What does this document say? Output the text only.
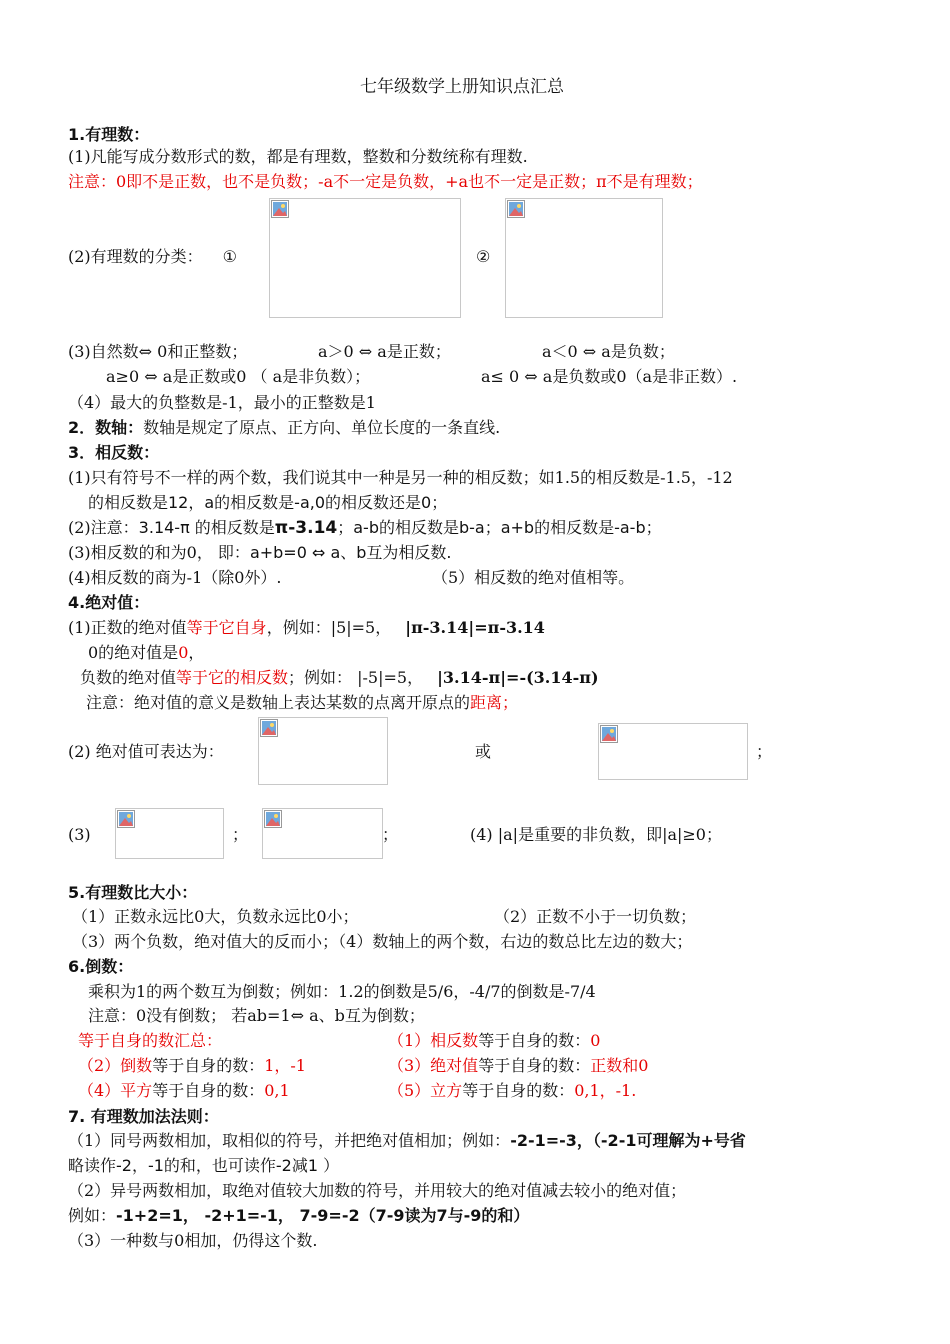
七年级数学上册知识点汇总
1.有理数：
(1)凡能写成分数形式的数，都是有理数，整数和分数统称有理数.
注意：0即不是正数，也不是负数；-a不一定是负数，+a也不一定是正数；π不是有理数；
(2)有理数的分类： ①	②
(3)自然数⇔ 0和正整数；	a＞0 ⇔ a是正数；	a＜0 ⇔ a是负数；
a≥0 ⇔ a是正数或0 （ a是非负数）；	a≤ 0 ⇔ a是负数或0（a是非正数）.
（4）最大的负整数是-1，最小的正整数是1
2．数轴：数轴是规定了原点、正方向、单位长度的一条直线.
3．相反数：
(1)只有符号不一样的两个数，我们说其中一种是另一种的相反数；如1.5的相反数是-1.5，-12
的相反数是12，a的相反数是-a,0的相反数还是0；
(2)注意：3.14-π 的相反数是π-3.14；a-b的相反数是b-a；a+b的相反数是-a-b；
(3)相反数的和为0， 即：a+b=0 ⇔ a、b互为相反数.
(4)相反数的商为-1（除0外）.	（5）相反数的绝对值相等。
4.绝对值：
(1)正数的绝对值等于它自身，例如：|5|=5， |π-3.14|=π-3.14
0的绝对值是0，
负数的绝对值等于它的相反数；例如： |-5|=5， |3.14-π|=-(3.14-π)
注意：绝对值的意义是数轴上表达某数的点离开原点的距离；
(2) 绝对值可表达为：	或	；
(3)	；	；	(4) |a|是重要的非负数，即|a|≥0；
5.有理数比大小：
（1）正数永远比0大，负数永远比0小；	（2）正数不小于一切负数；
（3）两个负数，绝对值大的反而小；（4）数轴上的两个数，右边的数总比左边的数大；
6.倒数：
乘积为1的两个数互为倒数；例如：1.2的倒数是5/6，-4/7的倒数是-7/4
注意：0没有倒数； 若ab=1⇔ a、b互为倒数；
等于自身的数汇总：	（1）相反数等于自身的数：0
（2）倒数等于自身的数：1，-1	（3）绝对值等于自身的数：正数和0
（4）平方等于自身的数：0,1	（5）立方等于自身的数：0,1，-1.
7. 有理数加法法则：
（1）同号两数相加，取相似的符号，并把绝对值相加；例如：-2-1=-3，（-2-1可理解为+号省
略读作-2，-1的和，也可读作-2减1 ）
（2）异号两数相加，取绝对值较大加数的符号，并用较大的绝对值减去较小的绝对值；
例如：-1+2=1， -2+1=-1， 7-9=-2（7-9读为7与-9的和）
（3）一种数与0相加，仍得这个数.
